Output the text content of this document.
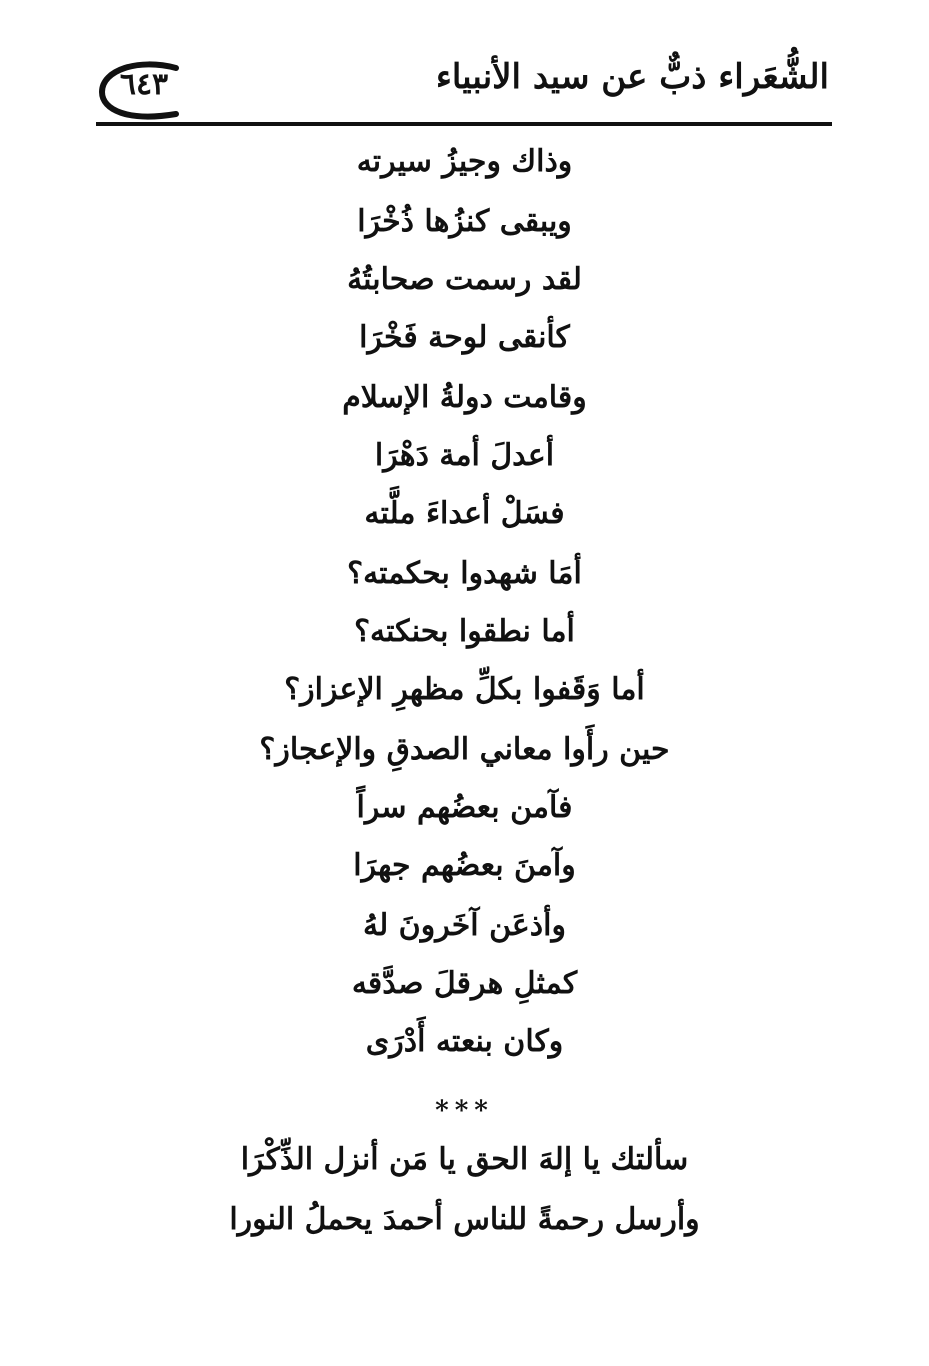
الشُّعَراء ذبٌّ عن سيد الأنبياء
٦٤٣
وذاك وجيزُ سيرته
ويبقى كنزُها ذُخْرَا
لقد رسمت صحابتُهُ
كأنقى لوحة فَخْرَا
وقامت دولةُ الإسلام
أعدلَ أمة دَهْرَا
فسَلْ أعداءَ ملَّته
أمَا شهدوا بحكمته؟
أما نطقوا بحنكته؟
أما وَقَفوا بكلِّ مظهرِ الإعزاز؟
حين رأَوا معاني الصدقِ والإعجاز؟
فآمن بعضُهم سراً
وآمنَ بعضُهم جهرَا
وأذعَن آخَرونَ لهُ
كمثلِ هرقلَ صدَّقه
وكان بنعته أَدْرَى
***
سألتك يا إلهَ الحق يا مَن أنزل الذِّكْرَا
وأرسل رحمةً للناس أحمدَ يحملُ النورا
